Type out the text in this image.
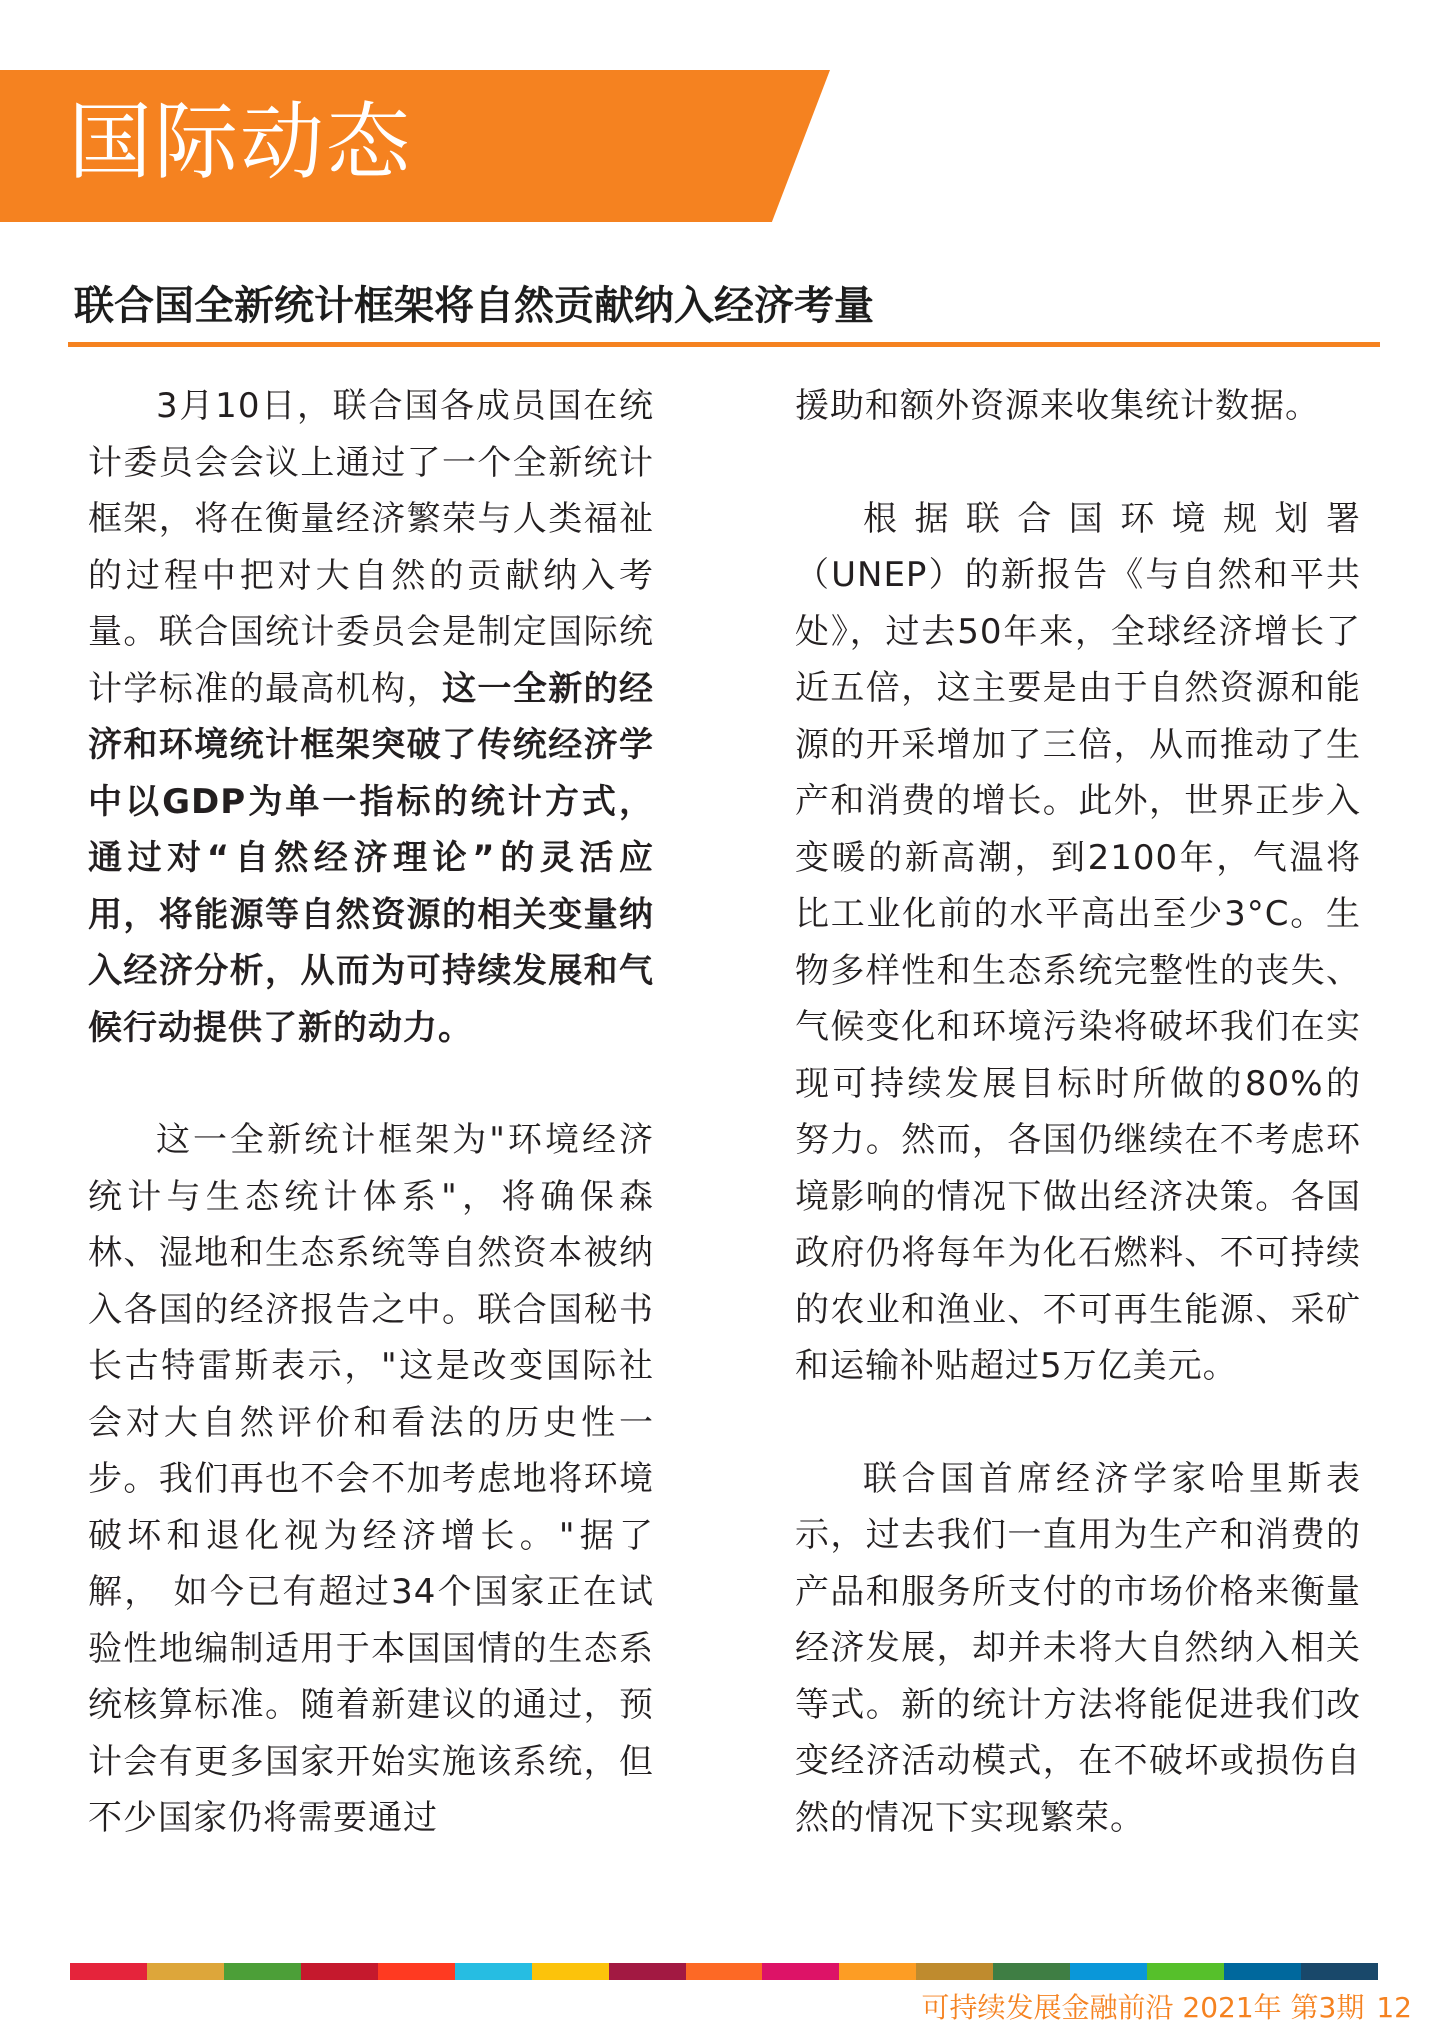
国际动态
联合国全新统计框架将自然贡献纳入经济考量

3月10日，联合国各成员国在统计委员会会议上通过了一个全新统计框架，将在衡量经济繁荣与人类福祉的过程中把对大自然的贡献纳入考量。联合国统计委员会是制定国际统计学标准的最高机构，这一全新的经济和环境统计框架突破了传统经济学中以GDP为单一指标的统计方式，通过对“自然经济理论”的灵活应用，将能源等自然资源的相关变量纳入经济分析，从而为可持续发展和气候行动提供了新的动力。

这一全新统计框架为"环境经济统计与生态统计体系"，将确保森林、湿地和生态系统等自然资本被纳入各国的经济报告之中。联合国秘书长古特雷斯表示，"这是改变国际社会对大自然评价和看法的历史性一步。我们再也不会不加考虑地将环境破坏和退化视为经济增长。"据了解， 如今已有超过34个国家正在试验性地编制适用于本国国情的生态系统核算标准。随着新建议的通过，预计会有更多国家开始实施该系统，但不少国家仍将需要通过

援助和额外资源来收集统计数据。

根据联合国环境规划署（UNEP）的新报告《与自然和平共处》，过去50年来，全球经济增长了近五倍，这主要是由于自然资源和能源的开采增加了三倍，从而推动了生产和消费的增长。此外，世界正步入变暖的新高潮，到2100年，气温将比工业化前的水平高出至少3°C。生物多样性和生态系统完整性的丧失、气候变化和环境污染将破坏我们在实现可持续发展目标时所做的80%的努力。然而，各国仍继续在不考虑环境影响的情况下做出经济决策。各国政府仍将每年为化石燃料、不可持续的农业和渔业、不可再生能源、采矿和运输补贴超过5万亿美元。

联合国首席经济学家哈里斯表示，过去我们一直用为生产和消费的产品和服务所支付的市场价格来衡量经济发展，却并未将大自然纳入相关等式。新的统计方法将能促进我们改变经济活动模式，在不破坏或损伤自然的情况下实现繁荣。

可持续发展金融前沿 2021年 第3期 12
